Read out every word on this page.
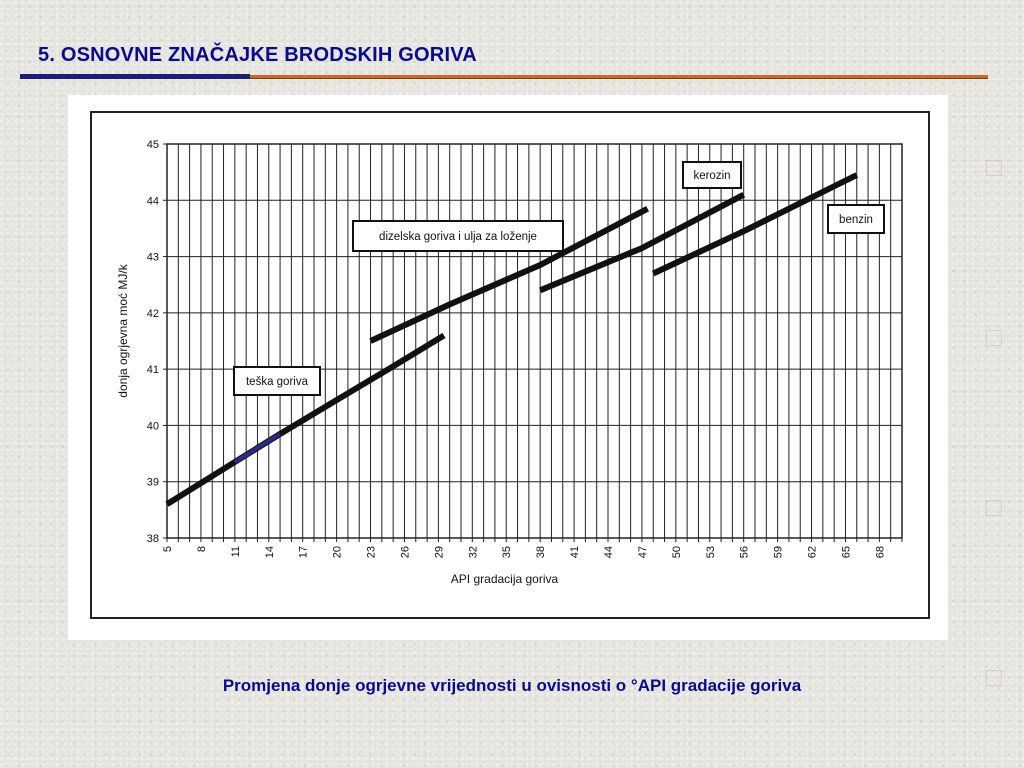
5. OSNOVNE ZNAČAJKE BRODSKIH GORIVA
38
39
40
41
42
43
44
45
5 8 11 14 17 20 23 26 29 32 35 38 41 44 47 50 53 56 59 62 65 68
API gradacija goriva
donja ogrjevna moć MJ/k
kerozin
dizelska goriva i ulja za loženje
benzin
teška goriva
Promjena donje ogrjevne vrijednosti u ovisnosti o °API gradacije goriva
